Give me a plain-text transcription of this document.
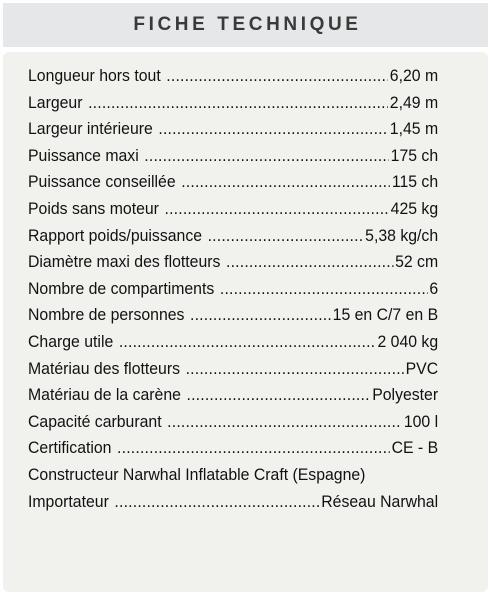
FICHE TECHNIQUE
Longueur hors tout .....	6,20 m
Largeur .....	2,49 m
Largeur intérieure .....	1,45 m
Puissance maxi .....	175 ch
Puissance conseillée .....	115 ch
Poids sans moteur .....	425 kg
Rapport poids/puissance .....	5,38 kg/ch
Diamètre maxi des flotteurs .....	52 cm
Nombre de compartiments .....	6
Nombre de personnes .....	15 en C/7 en B
Charge utile .....	2 040 kg
Matériau des flotteurs .....	PVC
Matériau de la carène .....	Polyester
Capacité carburant .....	100 l
Certification .....	CE - B
Constructeur Narwhal Inflatable Craft (Espagne)
Importateur .....	Réseau Narwhal
